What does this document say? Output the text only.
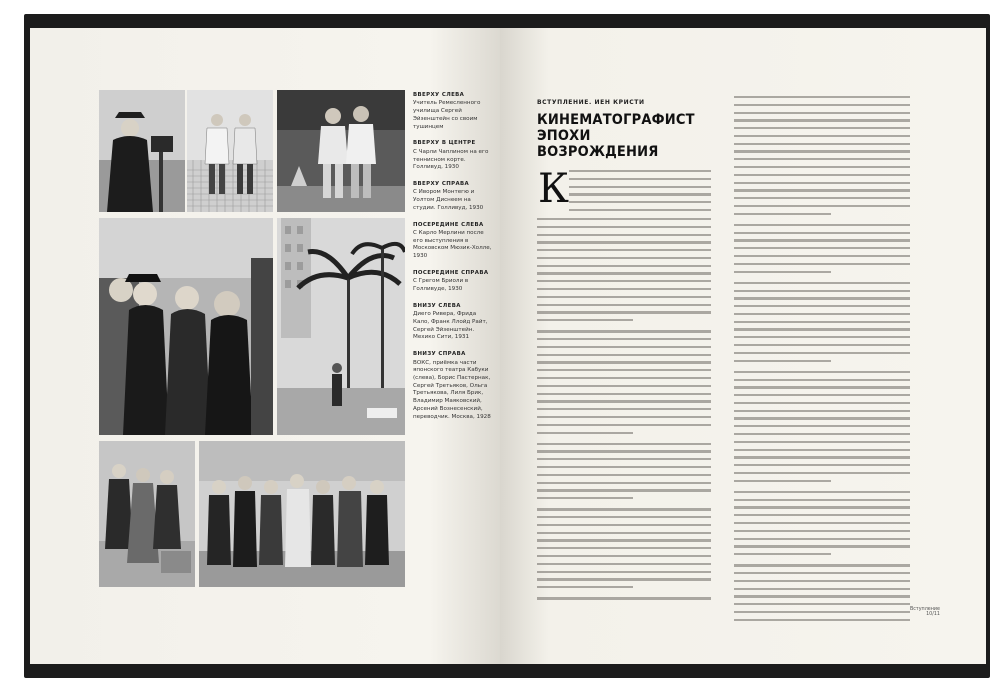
ВВЕРХУ СЛЕВА
Учитель Ремесленного училища Сергей Эйзенштейн со своим тушинцем
ВВЕРХУ В ЦЕНТРЕ
С Чарли Чаплином на его теннисном корте. Голливуд, 1930
ВВЕРХУ СПРАВА
С Ивором Монтегю и Уолтом Диснеем на студии. Голливуд, 1930
ПОСЕРЕДИНЕ СЛЕВА
С Карло Мерлини после его выступления в Московском Мюзик-Холле, 1930
ПОСЕРЕДИНЕ СПРАВА
С Грегом Бриоли в Голливуде, 1930
ВНИЗУ СЛЕВА
Диего Ривера, Фрида Кало, Франк Ллойд Райт, Сергей Эйзенштейн. Мехико Сити, 1931
ВНИЗУ СПРАВА
ВОКС, приёмка части японского театра Кабуки (слева), Борис Пастернак, Сергей Третьяков, Ольга Третьякова, Лиля Брик, Владимир Маяковский, Арсений Вознесенский, переводчик. Москва, 1928
ВСТУПЛЕНИЕ. ИЕН КРИСТИ
КИНЕМАТОГРАФИСТ ЭПОХИ ВОЗРОЖДЕНИЯ
К
Вступление
10/11
